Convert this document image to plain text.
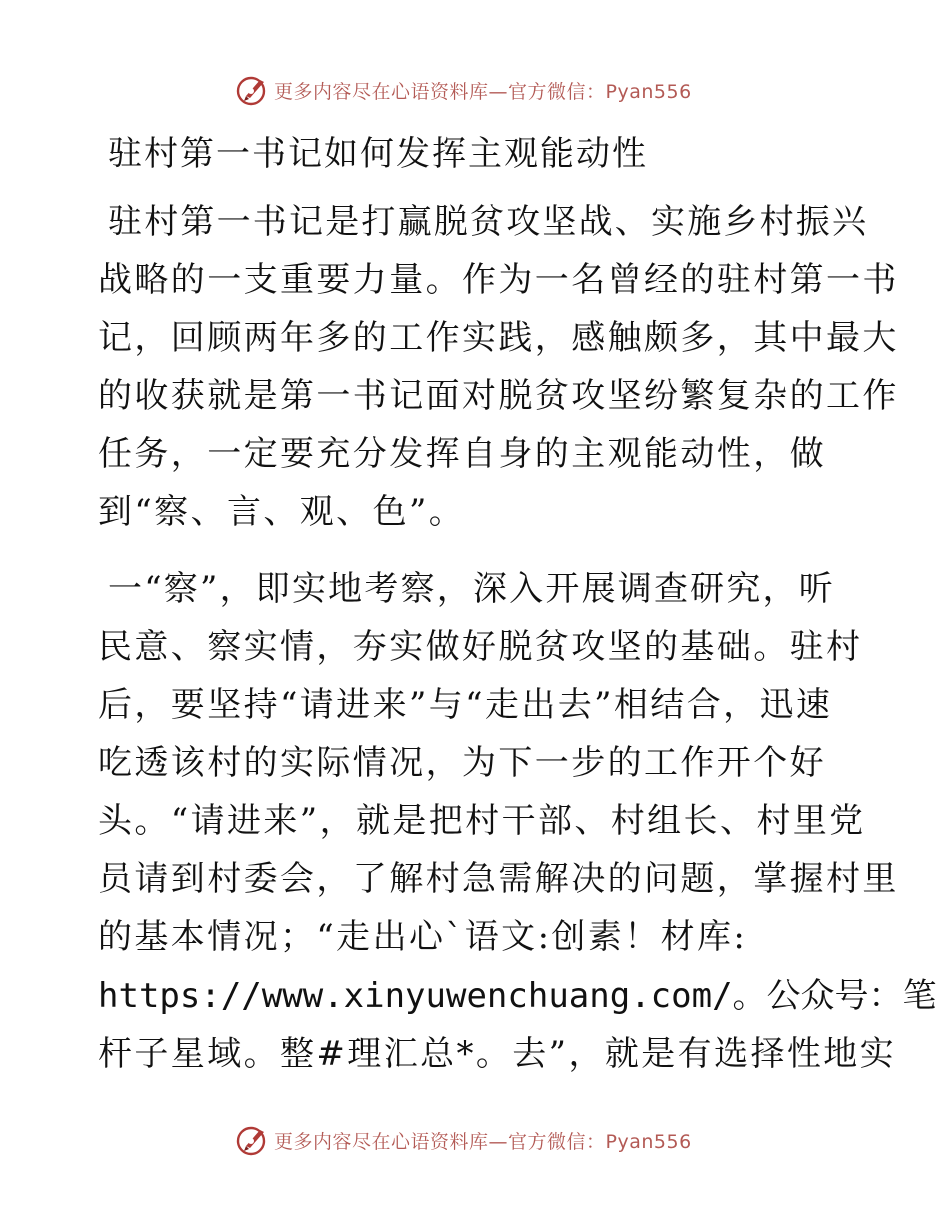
更多内容尽在心语资料库—官方微信：Pyan556
驻村第一书记如何发挥主观能动性

驻村第一书记是打赢脱贫攻坚战、实施乡村振兴

战略的一支重要力量。作为一名曾经的驻村第一书

记，回顾两年多的工作实践，感触颇多，其中最大

的收获就是第一书记面对脱贫攻坚纷繁复杂的工作

任务，一定要充分发挥自身的主观能动性，做

到“察、言、观、色”。

一“察”，即实地考察，深入开展调查研究，听

民意、察实情，夯实做好脱贫攻坚的基础。驻村

后，要坚持“请进来”与“走出去”相结合，迅速

吃透该村的实际情况，为下一步的工作开个好

头。“请进来”，就是把村干部、村组长、村里党

员请到村委会，了解村急需解决的问题，掌握村里

的基本情况；“走出心`语文:创素！材库:

https://www.xinyuwenchuang.com/。公众号：笔

杆子星域。整#理汇总*。去”，就是有选择性地实

更多内容尽在心语资料库—官方微信：Pyan556
